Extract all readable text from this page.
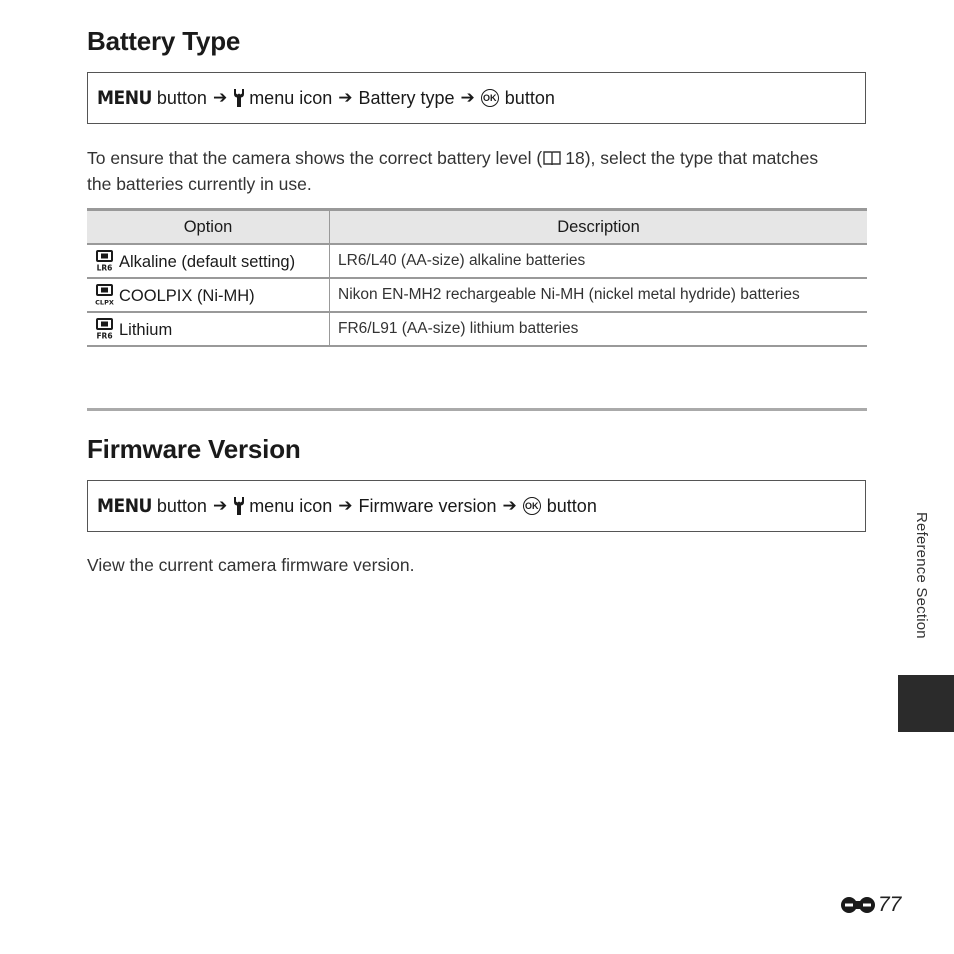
Battery Type
MENU button ➔ menu icon ➔ Battery type ➔ OK button

To ensure that the camera shows the correct battery level ( 18), select the type that matches the batteries currently in use.

Option	Description

LR6 Alkaline (default setting)	LR6/L40 (AA-size) alkaline batteries

CLPX COOLPIX (Ni-MH)	Nikon EN-MH2 rechargeable Ni-MH (nickel metal hydride) batteries

FR6 Lithium	FR6/L91 (AA-size) lithium batteries
Firmware Version
MENU button ➔ menu icon ➔ Firmware version ➔ OK button

View the current camera firmware version.	Reference Section
77
